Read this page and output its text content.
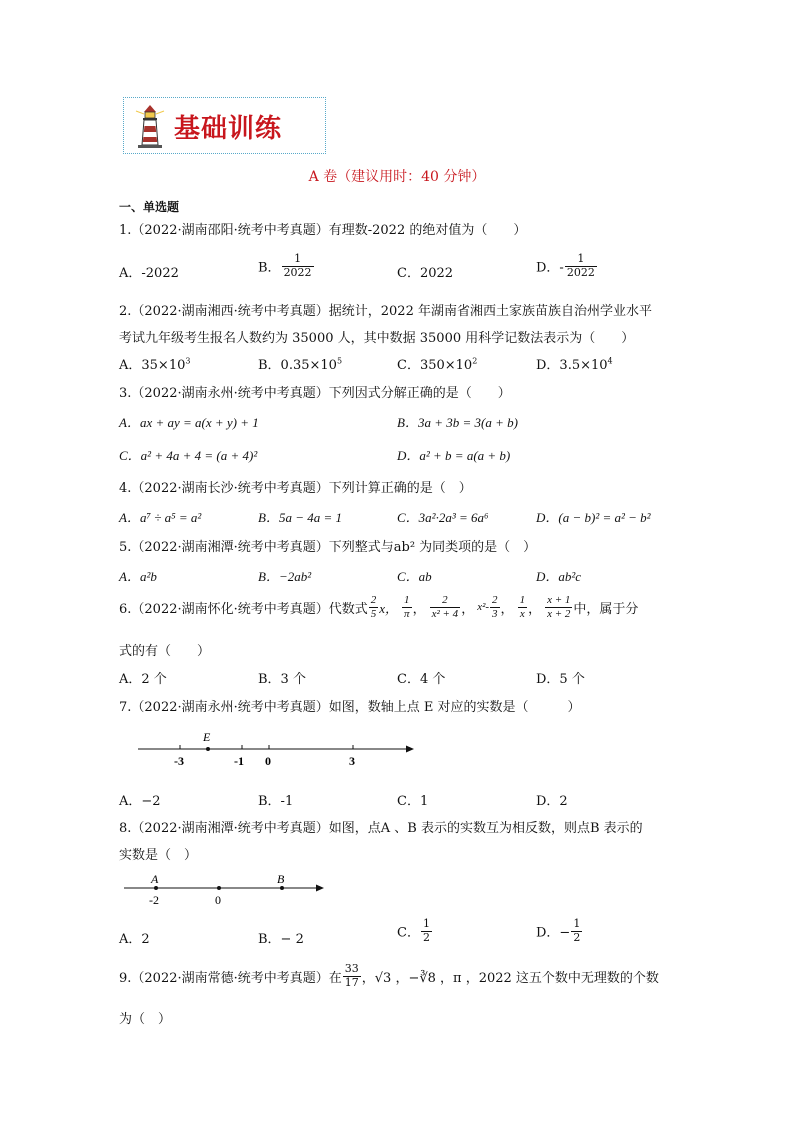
基础训练
A 卷（建议用时：40 分钟）
一、单选题
1.（2022·湖南邵阳·统考中考真题）有理数-2022 的绝对值为（　　）
A．-2022	B． $\frac{1}{2022}$	C．2022	D．- $\frac{1}{2022}$
2.（2022·湖南湘西·统考中考真题）据统计，2022 年湖南省湘西土家族苗族自治州学业水平
考试九年级考生报名人数约为 35000 人，其中数据 35000 用科学记数法表示为（　　）
A．$35\times 10^3$	B．$0.35\times 10^5$	C．$350\times 10^2$	D．$3.5\times 10^4$
3.（2022·湖南永州·统考中考真题）下列因式分解正确的是（　　）
A．ax + ay = a(x + y) + 1	B．3a + 3b = 3(a + b)
C．a² + 4a + 4 = (a + 4)²	D．a² + b = a(a + b)
4.（2022·湖南长沙·统考中考真题）下列计算正确的是（　）
A．a⁷ ÷ a⁵ = a²	B．5a − 4a = 1	C．3a²·2a³ = 6a⁶	D．(a − b)² = a² − b²
5.（2022·湖南湘潭·统考中考真题）下列整式与ab² 为同类项的是（　）
A．a²b	B．−2ab²	C．ab	D．ab²c
6.（2022·湖南怀化·统考中考真题）代数式 $\frac{2}{5}$ x， $\frac{1}{\pi}$ ， $\frac{2}{\text{x² + 4}}$ ， $x^2- \frac{2}{3}$ ， $\frac{1}{x}$ ， $\frac{x + 1}{x + 2}$ 中，属于分
式的有（　　）
A．2 个	B．3 个	C．4 个	D．5 个
7.（2022·湖南永州·统考中考真题）如图，数轴上点 E 对应的实数是（　　　）
E
-3	-1 0	3
A．−2	B．-1	C．1	D．2
8.（2022·湖南湘潭·统考中考真题）如图，点A 、B 表示的实数互为相反数，则点B 表示的
实数是（　）
A	B
-2	0
A．2	B．− 2	C． $\frac{1}{2}$	D．− $\frac{1}{2}$
9.（2022·湖南常德·统考中考真题）在 $\frac{33}{17}$ ，√3 ，−∛8 ，π ，2022 这五个数中无理数的个数
为（　）
